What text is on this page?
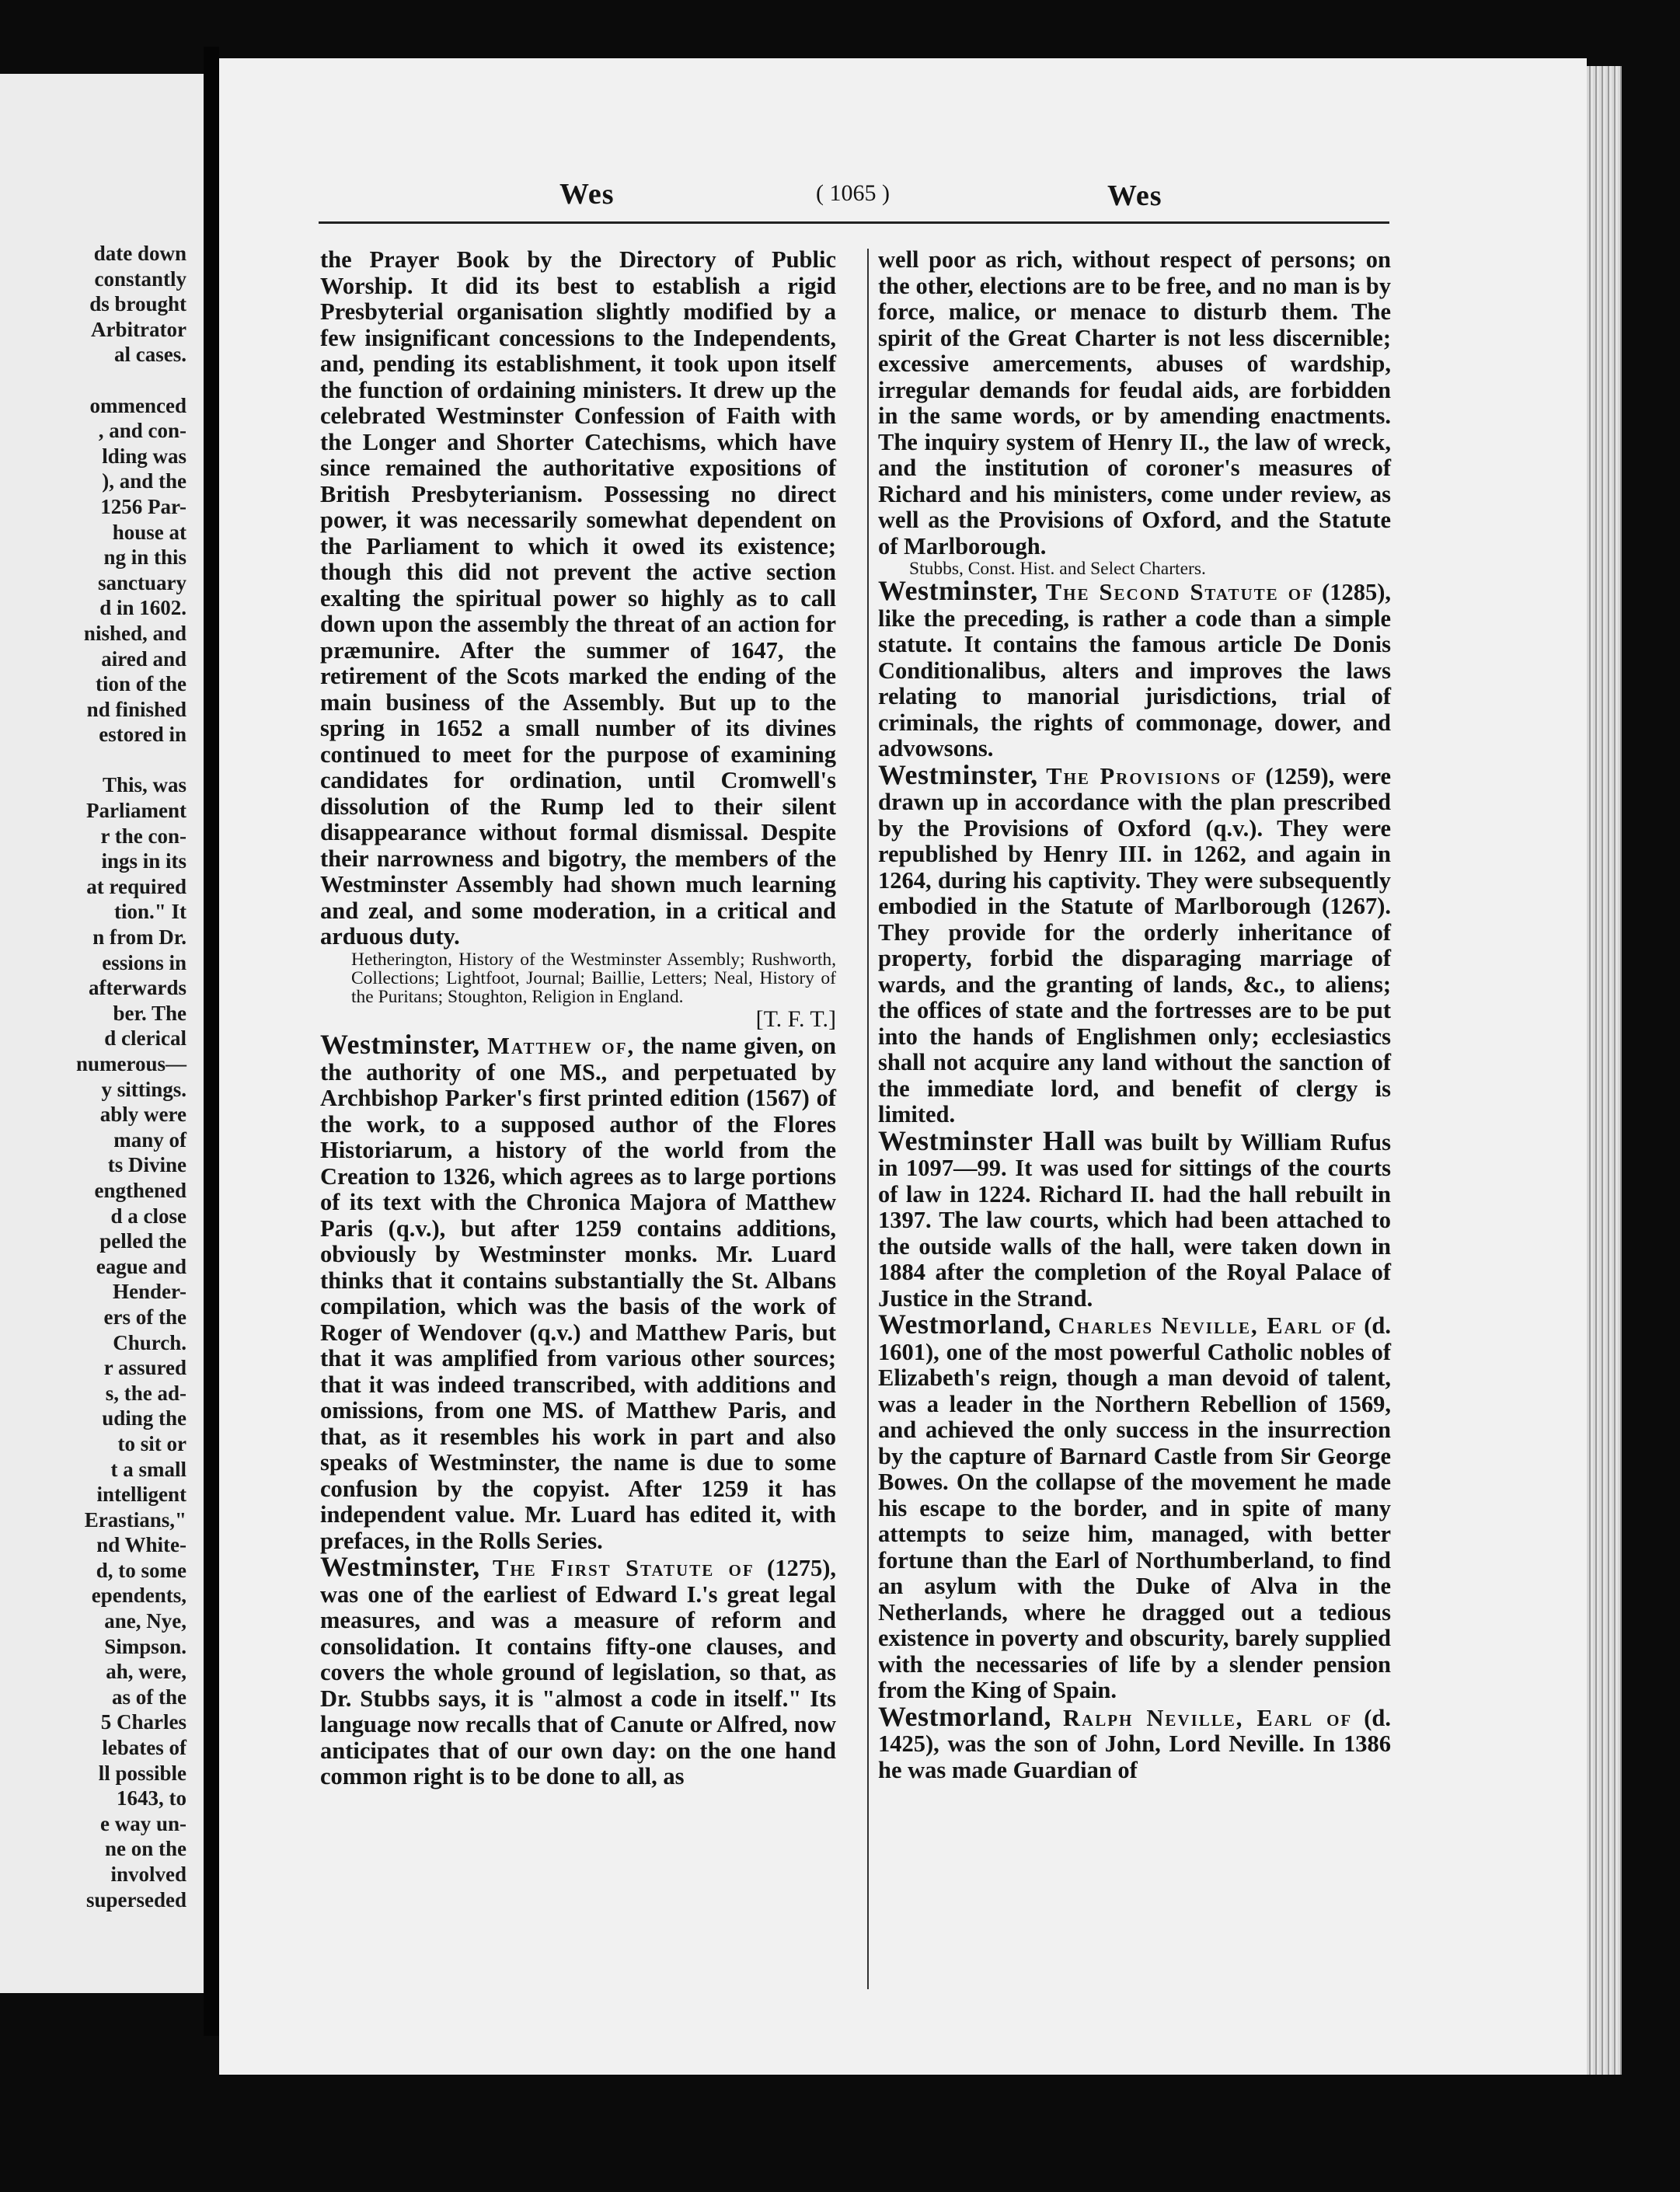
date down
constantly
ds brought
Arbitrator
al cases.

ommenced
, and con-
lding was
), and the
1256 Par-
house at
ng in this
sanctuary
d in 1602.
nished, and
aired and
tion of the
nd finished
estored in

This, was
Parliament
r the con-
ings in its
at required
tion." It
n from Dr.
essions in
afterwards
ber. The
d clerical
numerous—
y sittings.
ably were
many of
ts Divine
engthened
d a close
pelled the
eague and
Hender-
ers of the
Church.
r assured
s, the ad-
uding the
to sit or
t a small
intelligent
Erastians,"
nd White-
d, to some
ependents,
ane, Nye,
Simpson.
ah, were,
as of the
5 Charles
lebates of
ll possible
1643, to
e way un-
ne on the
involved
superseded
Wes	( 1065 )	Wes

the Prayer Book by the Directory of Public Worship. It did its best to establish a rigid Presbyterial organisation slightly modified by a few insignificant concessions to the Independents, and, pending its establishment, it took upon itself the function of ordaining ministers. It drew up the celebrated Westminster Confession of Faith with the Longer and Shorter Catechisms, which have since remained the authoritative expositions of British Presbyterianism. Possessing no direct power, it was necessarily somewhat dependent on the Parliament to which it owed its existence; though this did not prevent the active section exalting the spiritual power so highly as to call down upon the assembly the threat of an action for præmunire. After the summer of 1647, the retirement of the Scots marked the ending of the main business of the Assembly. But up to the spring in 1652 a small number of its divines continued to meet for the purpose of examining candidates for ordination, until Cromwell's dissolution of the Rump led to their silent disappearance without formal dismissal. Despite their narrowness and bigotry, the members of the Westminster Assembly had shown much learning and zeal, and some moderation, in a critical and arduous duty.

Hetherington, History of the Westminster Assembly; Rushworth, Collections; Lightfoot, Journal; Baillie, Letters; Neal, History of the Puritans; Stoughton, Religion in England.

[T. F. T.]

Westminster, Matthew of, the name given, on the authority of one MS., and perpetuated by Archbishop Parker's first printed edition (1567) of the work, to a supposed author of the Flores Historiarum, a history of the world from the Creation to 1326, which agrees as to large portions of its text with the Chronica Majora of Matthew Paris (q.v.), but after 1259 contains additions, obviously by Westminster monks. Mr. Luard thinks that it contains substantially the St. Albans compilation, which was the basis of the work of Roger of Wendover (q.v.) and Matthew Paris, but that it was amplified from various other sources; that it was indeed transcribed, with additions and omissions, from one MS. of Matthew Paris, and that, as it resembles his work in part and also speaks of Westminster, the name is due to some confusion by the copyist. After 1259 it has independent value. Mr. Luard has edited it, with prefaces, in the Rolls Series.

Westminster, The First Statute of (1275), was one of the earliest of Edward I.'s great legal measures, and was a measure of reform and consolidation. It contains fifty-one clauses, and covers the whole ground of legislation, so that, as Dr. Stubbs says, it is "almost a code in itself." Its language now recalls that of Canute or Alfred, now anticipates that of our own day: on the one hand common right is to be done to all, as

well poor as rich, without respect of persons; on the other, elections are to be free, and no man is by force, malice, or menace to disturb them. The spirit of the Great Charter is not less discernible; excessive amercements, abuses of wardship, irregular demands for feudal aids, are forbidden in the same words, or by amending enactments. The inquiry system of Henry II., the law of wreck, and the institution of coroner's measures of Richard and his ministers, come under review, as well as the Provisions of Oxford, and the Statute of Marlborough.

Stubbs, Const. Hist. and Select Charters.

Westminster, The Second Statute of (1285), like the preceding, is rather a code than a simple statute. It contains the famous article De Donis Conditionalibus, alters and improves the laws relating to manorial jurisdictions, trial of criminals, the rights of commonage, dower, and advowsons.

Westminster, The Provisions of (1259), were drawn up in accordance with the plan prescribed by the Provisions of Oxford (q.v.). They were republished by Henry III. in 1262, and again in 1264, during his captivity. They were subsequently embodied in the Statute of Marlborough (1267). They provide for the orderly inheritance of property, forbid the disparaging marriage of wards, and the granting of lands, &c., to aliens; the offices of state and the fortresses are to be put into the hands of Englishmen only; ecclesiastics shall not acquire any land without the sanction of the immediate lord, and benefit of clergy is limited.

Westminster Hall was built by William Rufus in 1097—99. It was used for sittings of the courts of law in 1224. Richard II. had the hall rebuilt in 1397. The law courts, which had been attached to the outside walls of the hall, were taken down in 1884 after the completion of the Royal Palace of Justice in the Strand.

Westmorland, Charles Neville, Earl of (d. 1601), one of the most powerful Catholic nobles of Elizabeth's reign, though a man devoid of talent, was a leader in the Northern Rebellion of 1569, and achieved the only success in the insurrection by the capture of Barnard Castle from Sir George Bowes. On the collapse of the movement he made his escape to the border, and in spite of many attempts to seize him, managed, with better fortune than the Earl of Northumberland, to find an asylum with the Duke of Alva in the Netherlands, where he dragged out a tedious existence in poverty and obscurity, barely supplied with the necessaries of life by a slender pension from the King of Spain.

Westmorland, Ralph Neville, Earl of (d. 1425), was the son of John, Lord Neville. In 1386 he was made Guardian of
